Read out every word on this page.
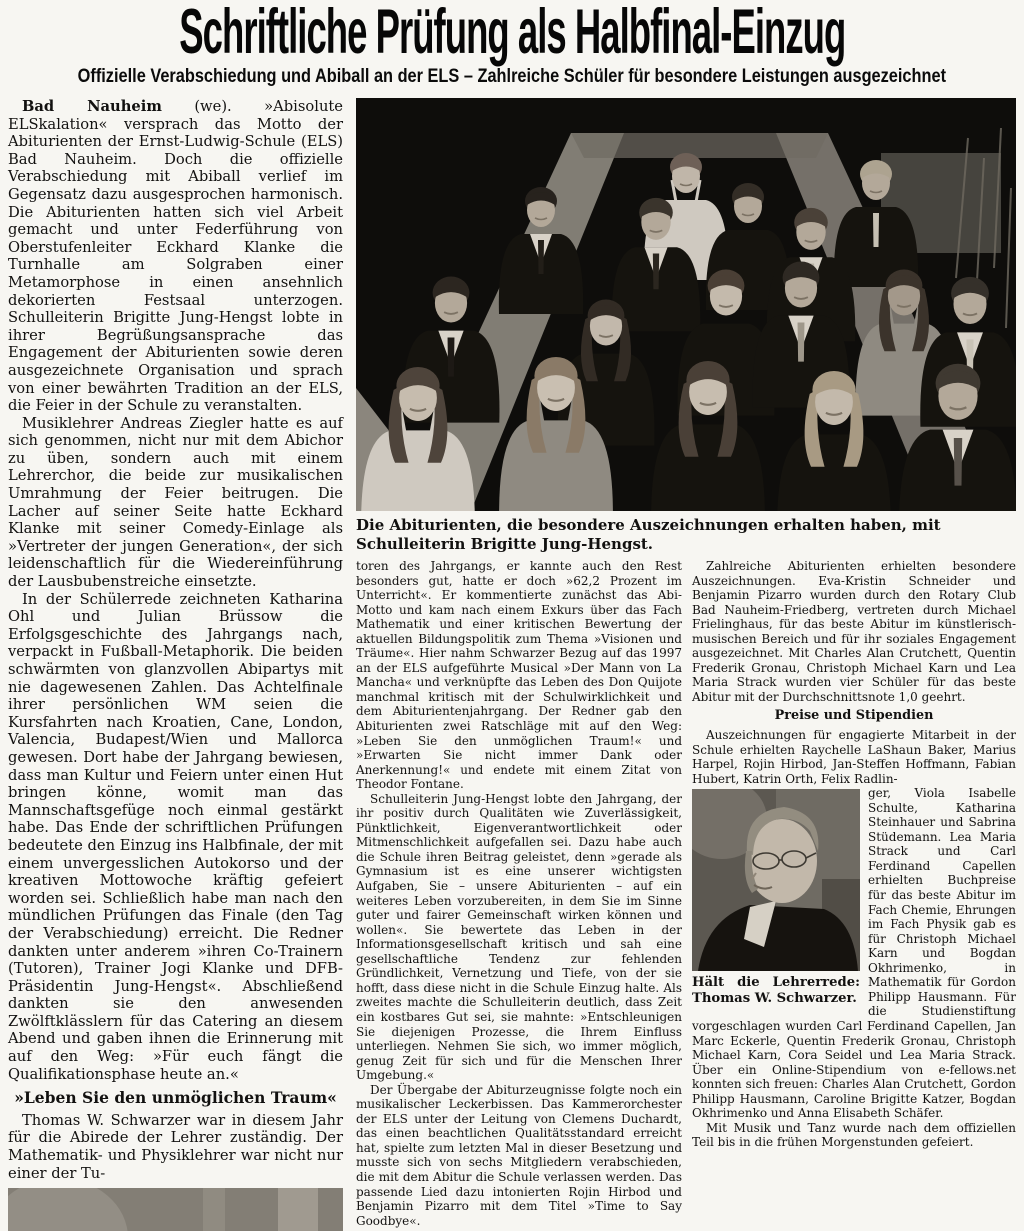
Schriftliche Prüfung als Halbfinal-Einzug
Offizielle Verabschiedung und Abiball an der ELS – Zahlreiche Schüler für besondere Leistungen ausgezeichnet

Bad Nauheim (we). »Abisolute ELSkalation« versprach das Motto der Abiturienten der Ernst-Ludwig-Schule (ELS) Bad Nauheim. Doch die offizielle Verabschiedung mit Abiball verlief im Gegensatz dazu ausgesprochen harmonisch. Die Abiturienten hatten sich viel Arbeit gemacht und unter Federführung von Oberstufenleiter Eckhard Klanke die Turnhalle am Solgraben einer Metamorphose in einen ansehnlich dekorierten Festsaal unterzogen. Schulleiterin Brigitte Jung-Hengst lobte in ihrer Begrüßungsansprache das Engagement der Abiturienten sowie deren ausgezeichnete Organisation und sprach von einer bewährten Tradition an der ELS, die Feier in der Schule zu veranstalten.

Musiklehrer Andreas Ziegler hatte es auf sich genommen, nicht nur mit dem Abichor zu üben, sondern auch mit einem Lehrerchor, die beide zur musikalischen Umrahmung der Feier beitrugen. Die Lacher auf seiner Seite hatte Eckhard Klanke mit seiner Comedy-Einlage als »Vertreter der jungen Generation«, der sich leidenschaftlich für die Wiedereinführung der Lausbubenstreiche einsetzte.

In der Schülerrede zeichneten Katharina Ohl und Julian Brüssow die Erfolgsgeschichte des Jahrgangs nach, verpackt in Fußball-Metaphorik. Die beiden schwärmten von glanzvollen Abipartys mit nie dagewesenen Zahlen. Das Achtelfinale ihrer persönlichen WM seien die Kursfahrten nach Kroatien, Cane, London, Valencia, Budapest/Wien und Mallorca gewesen. Dort habe der Jahrgang bewiesen, dass man Kultur und Feiern unter einen Hut bringen könne, womit man das Mannschaftsgefüge noch einmal gestärkt habe. Das Ende der schriftlichen Prüfungen bedeutete den Einzug ins Halbfinale, der mit einem unvergesslichen Autokorso und der kreativen Mottowoche kräftig gefeiert worden sei. Schließlich habe man nach den mündlichen Prüfungen das Finale (den Tag der Verabschiedung) erreicht. Die Redner dankten unter anderem »ihren Co-Trainern (Tutoren), Trainer Jogi Klanke und DFB-Präsidentin Jung-Hengst«. Abschließend dankten sie den anwesenden Zwölftklässlern für das Catering an diesem Abend und gaben ihnen die Erinnerung mit auf den Weg: »Für euch fängt die Qualifikationsphase heute an.«

»Leben Sie den unmöglichen Traum«

Thomas W. Schwarzer war in diesem Jahr für die Abirede der Lehrer zuständig. Der Mathematik- und Physiklehrer war nicht nur einer der Tu-

Die Abiturienten, die besondere Auszeichnungen erhalten haben, mit Schulleiterin Brigitte Jung-Hengst.

toren des Jahrgangs, er kannte auch den Rest besonders gut, hatte er doch »62,2 Prozent im Unterricht«. Er kommentierte zunächst das Abi-Motto und kam nach einem Exkurs über das Fach Mathematik und einer kritischen Bewertung der aktuellen Bildungspolitik zum Thema »Visionen und Träume«. Hier nahm Schwarzer Bezug auf das 1997 an der ELS aufgeführte Musical »Der Mann von La Mancha« und verknüpfte das Leben des Don Quijote manchmal kritisch mit der Schulwirklichkeit und dem Abiturientenjahrgang. Der Redner gab den Abiturienten zwei Ratschläge mit auf den Weg: »Leben Sie den unmöglichen Traum!« und »Erwarten Sie nicht immer Dank oder Anerkennung!« und endete mit einem Zitat von Theodor Fontane.

Schulleiterin Jung-Hengst lobte den Jahrgang, der ihr positiv durch Qualitäten wie Zuverlässigkeit, Pünktlichkeit, Eigenverantwortlichkeit oder Mitmenschlichkeit aufgefallen sei. Dazu habe auch die Schule ihren Beitrag geleistet, denn »gerade als Gymnasium ist es eine unserer wichtigsten Aufgaben, Sie – unsere Abiturienten – auf ein weiteres Leben vorzubereiten, in dem Sie im Sinne guter und fairer Gemeinschaft wirken können und wollen«. Sie bewertete das Leben in der Informationsgesellschaft kritisch und sah eine gesellschaftliche Tendenz zur fehlenden Gründlichkeit, Vernetzung und Tiefe, von der sie hofft, dass diese nicht in die Schule Einzug halte. Als zweites machte die Schulleiterin deutlich, dass Zeit ein kostbares Gut sei, sie mahnte: »Entschleunigen Sie diejenigen Prozesse, die Ihrem Einfluss unterliegen. Nehmen Sie sich, wo immer möglich, genug Zeit für sich und für die Menschen Ihrer Umgebung.«

Der Übergabe der Abiturzeugnisse folgte noch ein musikalischer Leckerbissen. Das Kammerorchester der ELS unter der Leitung von Clemens Duchardt, das einen beachtlichen Qualitätsstandard erreicht hat, spielte zum letzten Mal in dieser Besetzung und musste sich von sechs Mitgliedern verabschieden, die mit dem Abitur die Schule verlassen werden. Das passende Lied dazu intonierten Rojin Hirbod und Benjamin Pizarro mit dem Titel »Time to Say Goodbye«.

Zahlreiche Abiturienten erhielten besondere Auszeichnungen. Eva-Kristin Schneider und Benjamin Pizarro wurden durch den Rotary Club Bad Nauheim-Friedberg, vertreten durch Michael Frielinghaus, für das beste Abitur im künstlerisch-musischen Bereich und für ihr soziales Engagement ausgezeichnet. Mit Charles Alan Crutchett, Quentin Frederik Gronau, Christoph Michael Karn und Lea Maria Strack wurden vier Schüler für das beste Abitur mit der Durchschnittsnote 1,0 geehrt.

Preise und Stipendien

Auszeichnungen für engagierte Mitarbeit in der Schule erhielten Raychelle LaShaun Baker, Marius Harpel, Rojin Hirbod, Jan-Steffen Hoffmann, Fabian Hubert, Katrin Orth, Felix Radlin-

Hält die Lehrerrede: Thomas W. Schwarzer.
ger, Viola Isabelle Schulte, Katharina Steinhauer und Sabrina Stüdemann. Lea Maria Strack und Carl Ferdinand Capellen erhielten Buchpreise für das beste Abitur im Fach Chemie, Ehrungen im Fach Physik gab es für Christoph Michael Karn und Bogdan Okhrimenko, in Mathematik für Gordon Philipp Hausmann. Für die Studienstiftung vorgeschlagen wurden Carl Ferdinand Capellen, Jan Marc Eckerle, Quentin Frederik Gronau, Christoph Michael Karn, Cora Seidel und Lea Maria Strack. Über ein Online-Stipendium von e-fellows.net konnten sich freuen: Charles Alan Crutchett, Gordon Philipp Hausmann, Caroline Brigitte Katzer, Bogdan Okhrimenko und Anna Elisabeth Schäfer.

Mit Musik und Tanz wurde nach dem offiziellen Teil bis in die frühen Morgenstunden gefeiert.
